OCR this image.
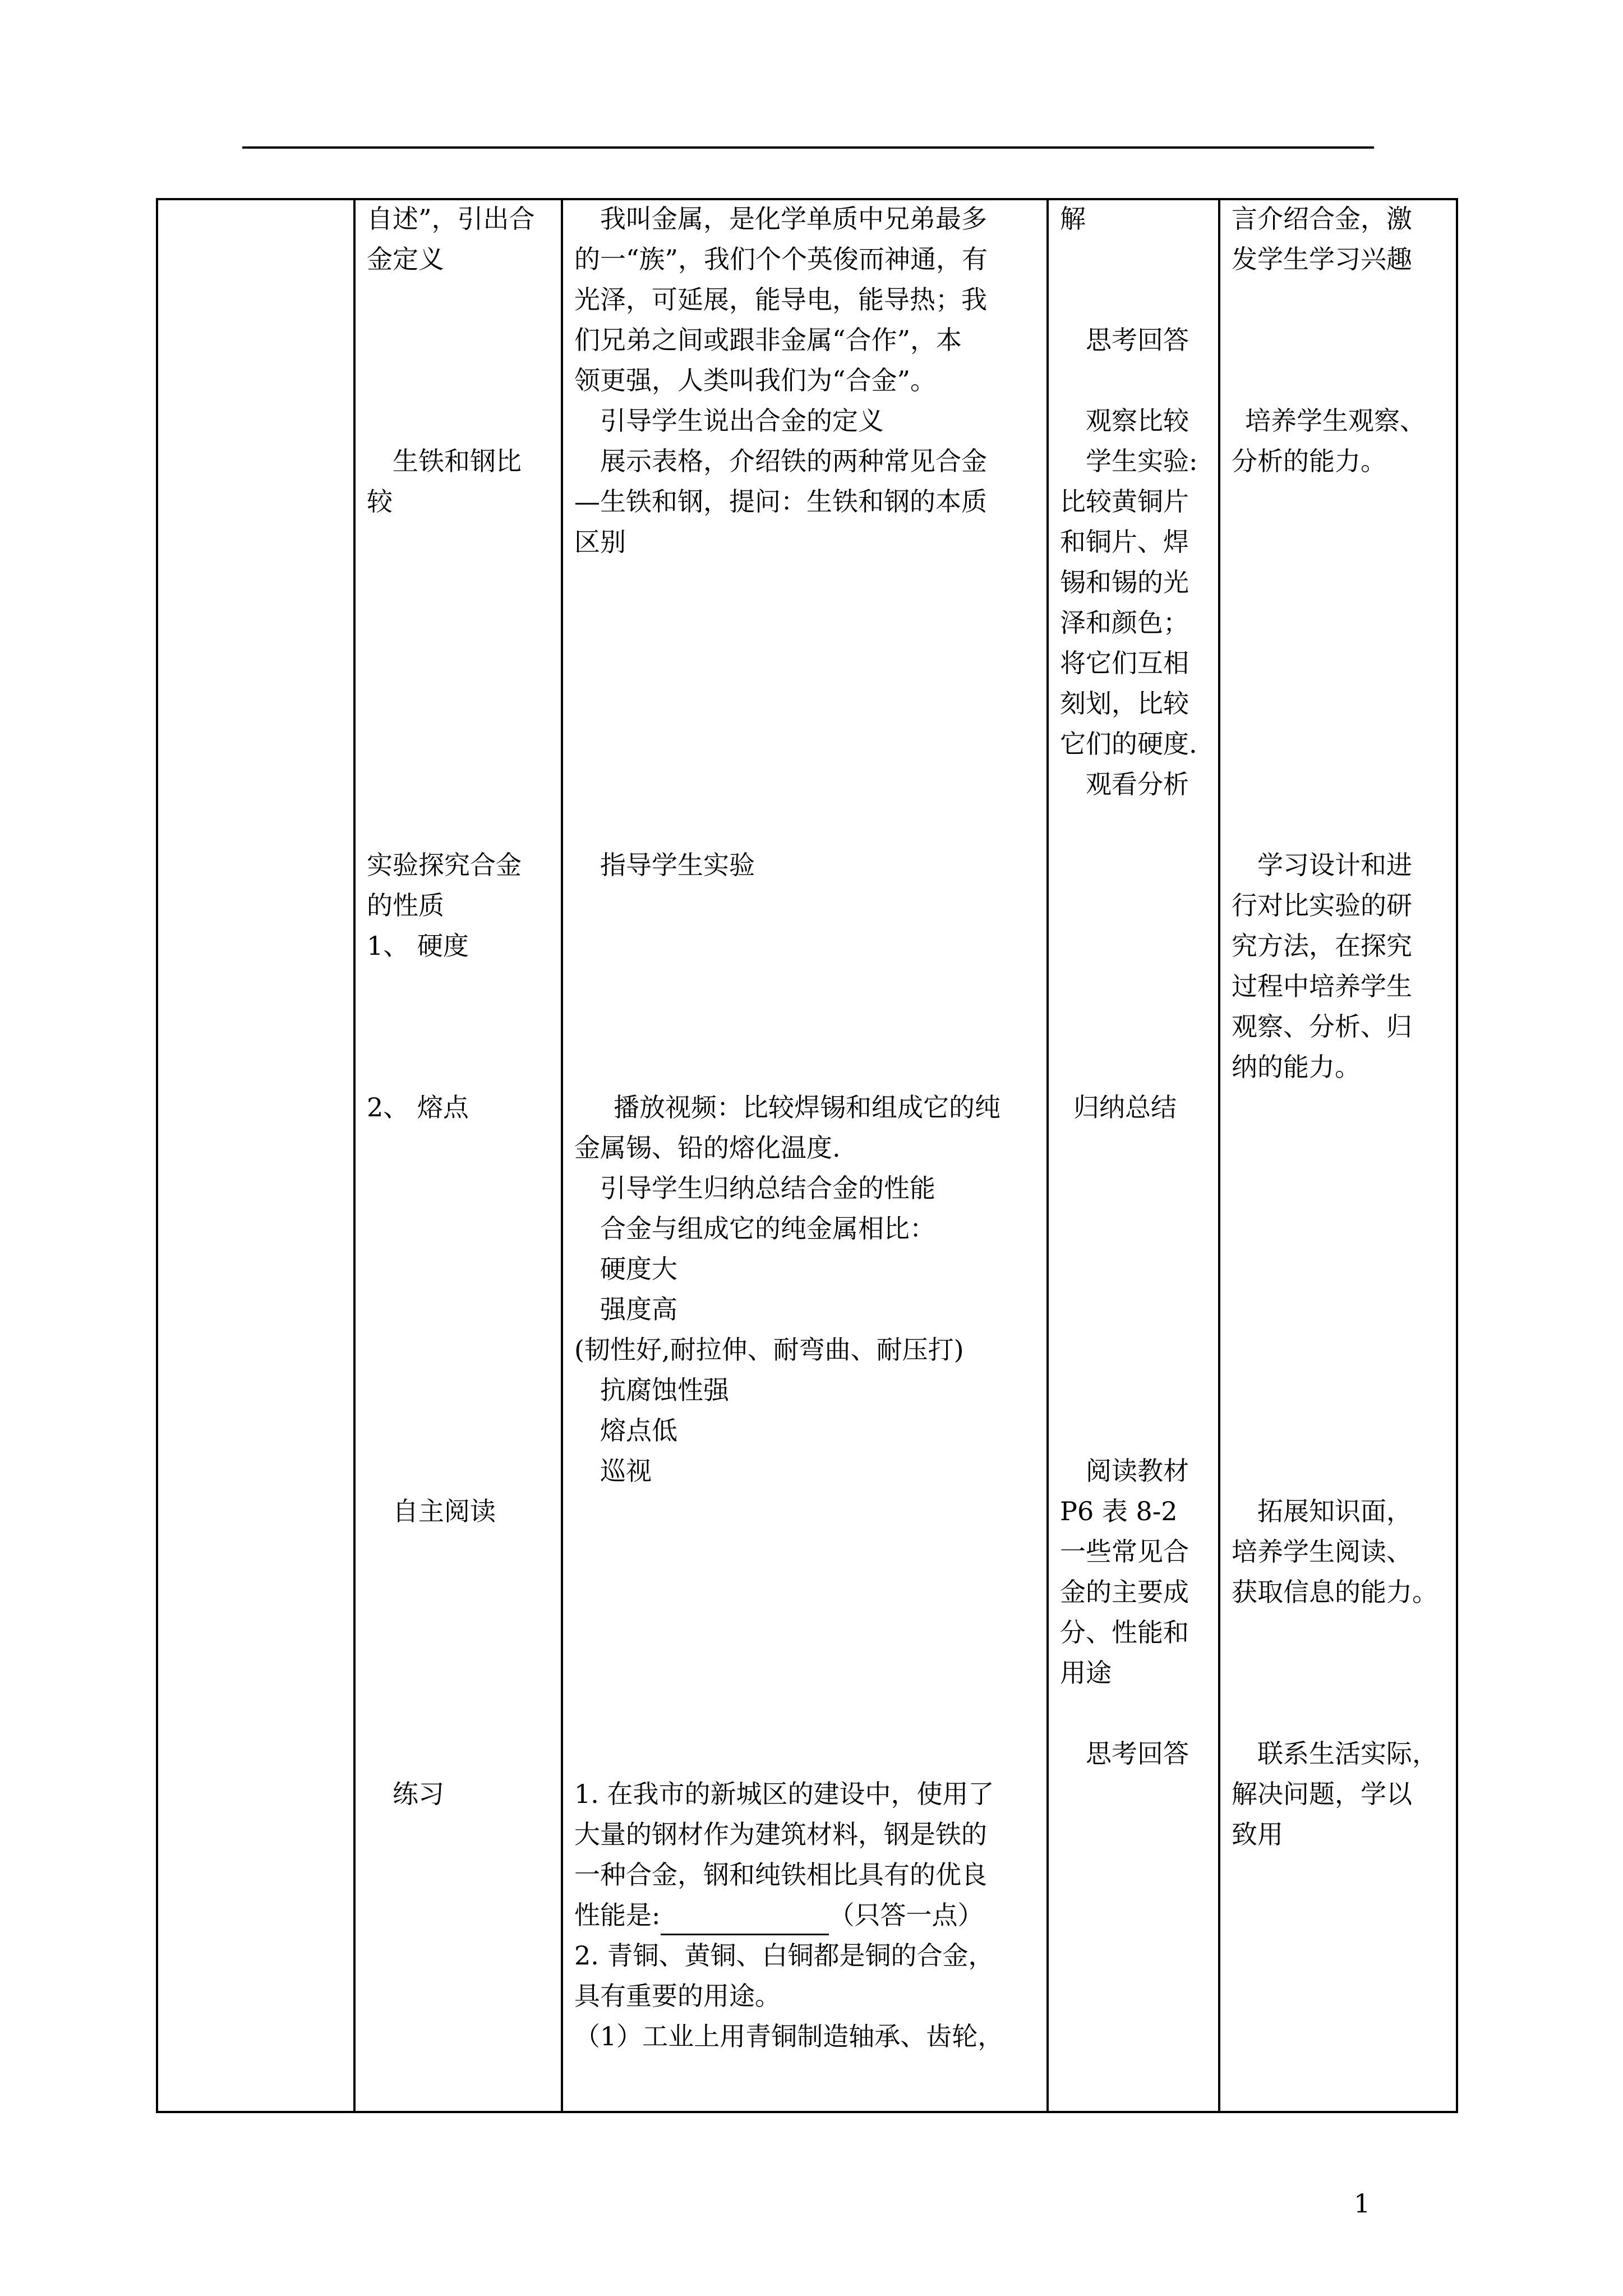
自述”，引出合
金定义
生铁和钢比
较
实验探究合金
的性质
1、 硬度
2、 熔点
自主阅读
练习
我叫金属，是化学单质中兄弟最多
的一“族”，我们个个英俊而神通，有
光泽，可延展，能导电，能导热；我
们兄弟之间或跟非金属“合作”，本
领更强，人类叫我们为“合金”。
引导学生说出合金的定义
展示表格，介绍铁的两种常见合金
—生铁和钢，提问：生铁和钢的本质
区别
指导学生实验
播放视频：比较焊锡和组成它的纯
金属锡、铅的熔化温度.
引导学生归纳总结合金的性能
合金与组成它的纯金属相比：
硬度大
强度高
(韧性好,耐拉伸、耐弯曲、耐压打)
抗腐蚀性强
熔点低
巡视
1. 在我市的新城区的建设中，使用了
大量的钢材作为建筑材料，钢是铁的
一种合金，钢和纯铁相比具有的优良
性能是:	（只答一点）
2. 青铜、黄铜、白铜都是铜的合金，
具有重要的用途。
（1）工业上用青铜制造轴承、齿轮，
解
思考回答
观察比较
学生实验:
比较黄铜片
和铜片、焊
锡和锡的光
泽和颜色；
将它们互相
刻划，比较
它们的硬度.
观看分析
归纳总结
阅读教材
P6 表 8-2
一些常见合
金的主要成
分、性能和
用途
思考回答
言介绍合金，激
发学生学习兴趣
培养学生观察、
分析的能力。
学习设计和进
行对比实验的研
究方法，在探究
过程中培养学生
观察、分析、归
纳的能力。
拓展知识面，
培养学生阅读、
获取信息的能力。
联系生活实际，
解决问题，学以
致用
1
